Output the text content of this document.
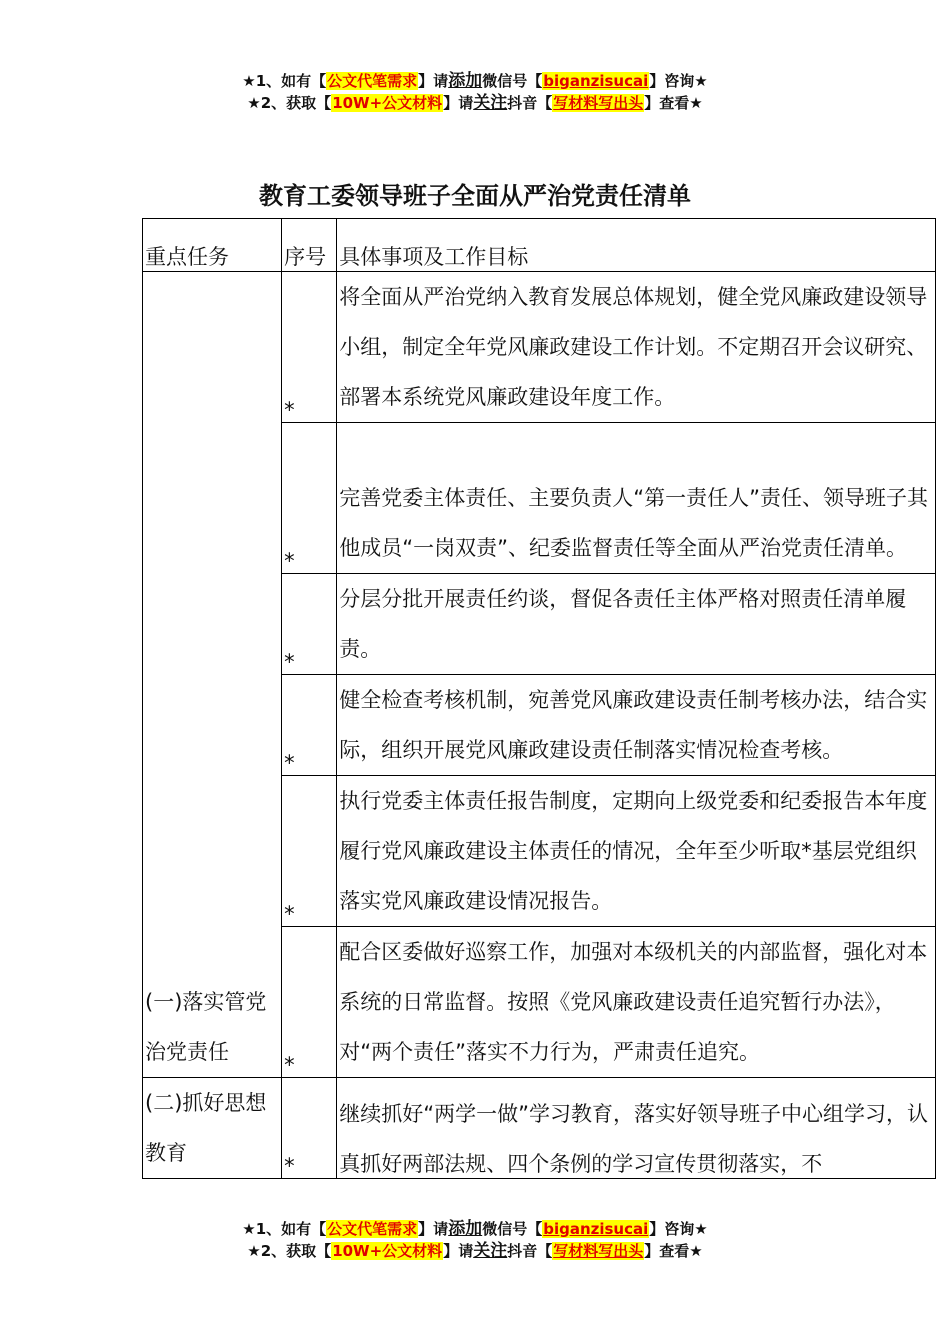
★1、如有【公文代笔需求】请添加微信号【biganzisucai】咨询★
★2、获取【10W+公文材料】请关注抖音【写材料写出头】查看★
教育工委领导班子全面从严治党责任清单
重点任务	序号	具体事项及工作目标
(一)落实管党治党责任	*	将全面从严治党纳入教育发展总体规划，健全党风廉政建设领导小组，制定全年党风廉政建设工作计划。不定期召开会议研究、部署本系统党风廉政建设年度工作。
	*	完善党委主体责任、主要负责人“第一责任人”责任、领导班子其他成员“一岗双责”、纪委监督责任等全面从严治党责任清单。
	*	分层分批开展责任约谈，督促各责任主体严格对照责任清单履责。
	*	健全检查考核机制，宛善党风廉政建设责任制考核办法，结合实际，组织开展党风廉政建设责任制落实情况检查考核。
	*	执行党委主体责任报告制度，定期向上级党委和纪委报告本年度履行党风廉政建设主体责任的情况，全年至少听取*基层党组织落实党风廉政建设情况报告。
	*	配合区委做好巡察工作，加强对本级机关的内部监督，强化对本系统的日常监督。按照《党风廉政建设责任追究暂行办法》，对“两个责任”落实不力行为，严肃责任追究。
(二)抓好思想教育	*	继续抓好“两学一做”学习教育，落实好领导班子中心组学习，认真抓好两部法规、四个条例的学习宣传贯彻落实，不
★1、如有【公文代笔需求】请添加微信号【biganzisucai】咨询★
★2、获取【10W+公文材料】请关注抖音【写材料写出头】查看★
